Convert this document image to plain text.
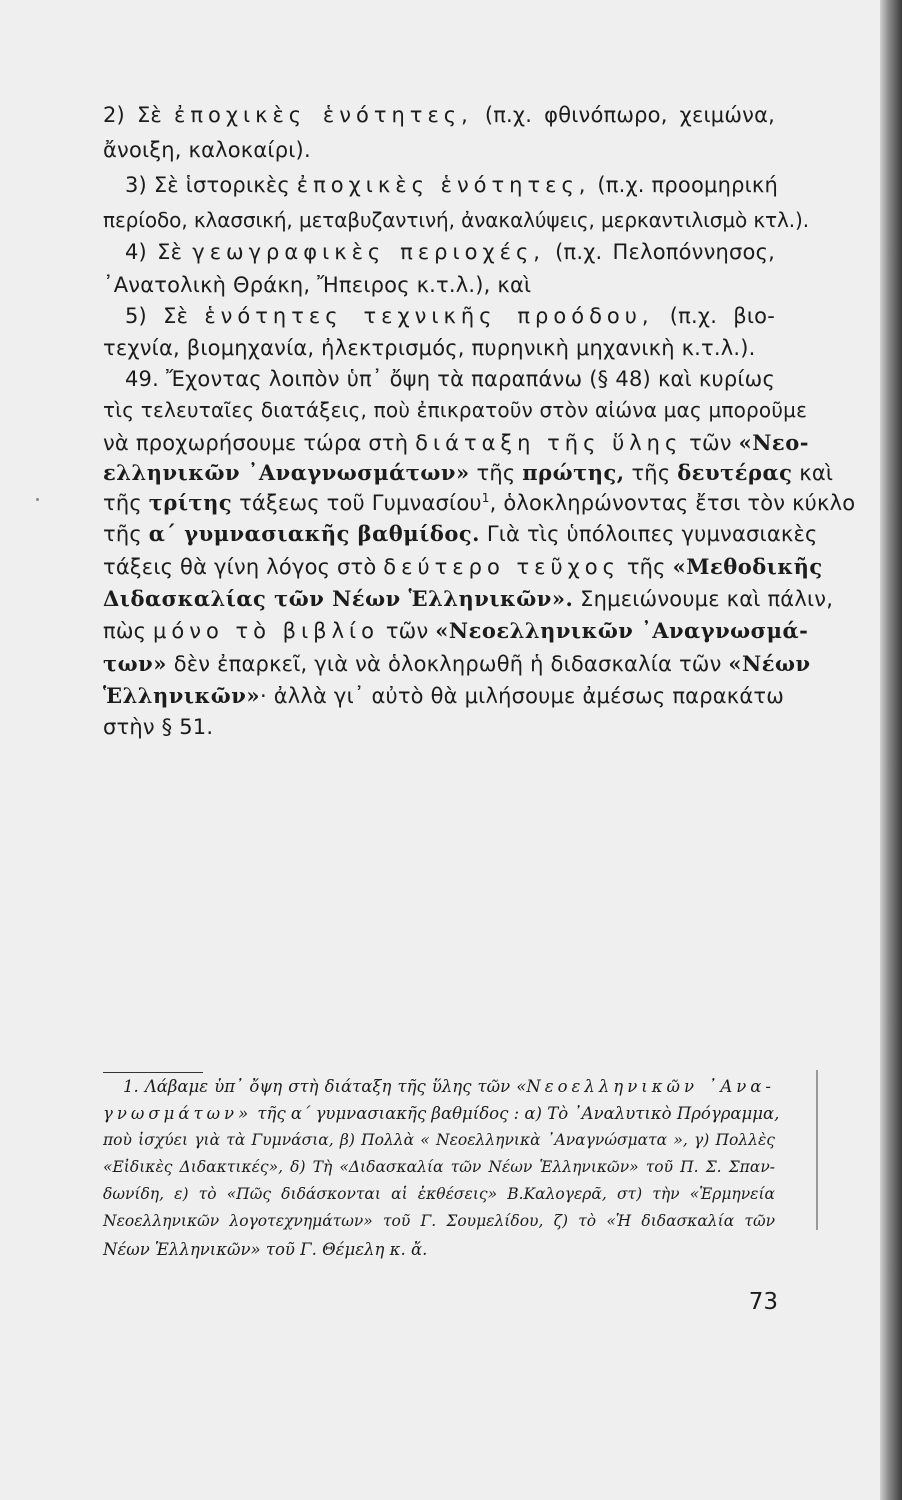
2) Σὲ ἐποχικὲς ἑνότητες, (π.χ. φθινόπωρο, χειμώνα,
ἄνοιξη, καλοκαίρι).
3) Σὲ ἱστορικὲς ἐποχικὲς ἑνότητες, (π.χ. προομηρική
περίοδο, κλασσική, μεταβυζαντινή, ἀνακαλύψεις, μερκαντιλισμὸ κτλ.).
4) Σὲ γεωγραφικὲς περιοχές, (π.χ. Πελοπόννησος,
᾿Ανατολικὴ Θράκη, Ἤπειρος κ.τ.λ.), καὶ
5) Σὲ ἑνότητες τεχνικῆς προόδου, (π.χ. βιο-
τεχνία, βιομηχανία, ἠλεκτρισμός, πυρηνικὴ μηχανικὴ κ.τ.λ.).
49. Ἔχοντας λοιπὸν ὑπ᾿ ὄψη τὰ παραπάνω (§ 48) καὶ κυρίως
τὶς τελευταῖες διατάξεις, ποὺ ἐπικρατοῦν στὸν αἰώνα μας μποροῦμε
νὰ προχωρήσουμε τώρα στὴ διάταξη τῆς ὕλης τῶν «Νεο-
ελληνικῶν ᾿Αναγνωσμάτων» τῆς πρώτης, τῆς δευτέρας καὶ
τῆς τρίτης τάξεως τοῦ Γυμνασίου$^1$, ὁλοκληρώνοντας ἔτσι τὸν κύκλο
τῆς α΄ γυμνασιακῆς βαθμίδος. Γιὰ τὶς ὑπόλοιπες γυμνασιακὲς
τάξεις θὰ γίνη λόγος στὸ δεύτερο τεῦχος τῆς «Μεθοδικῆς
Διδασκαλίας τῶν Νέων Ἑλληνικῶν». Σημειώνουμε καὶ πάλιν,
πὼς μόνο τὸ βιβλίο τῶν «Νεοελληνικῶν ᾿Αναγνωσμά-
των» δὲν ἐπαρκεῖ, γιὰ νὰ ὁλοκληρωθῆ ἡ διδασκαλία τῶν «Νέων
Ἑλληνικῶν»· ἀλλὰ γι᾿ αὐτὸ θὰ μιλήσουμε ἀμέσως παρακάτω
στὴν § 51.
1. Λάβαμε ὑπ᾿ ὄψη στὴ διάταξη τῆς ὕλης τῶν «Νεοελληνικῶν ᾿Ανα-
γνωσμάτων» τῆς α΄ γυμνασιακῆς βαθμίδος : α) Τὸ ᾿Αναλυτικὸ Πρόγραμμα,
ποὺ ἰσχύει γιὰ τὰ Γυμνάσια, β) Πολλὰ « Νεοελληνικὰ ᾿Αναγνώσματα », γ) Πολλὲς
«Εἰδικὲς Διδακτικές», δ) Τὴ «Διδασκαλία τῶν Νέων Ἑλληνικῶν» τοῦ Π. Σ. Σπαν-
δωνίδη, ε) τὸ «Πῶς διδάσκονται αἱ ἐκθέσεις» Β.Καλογερᾶ, στ) τὴν «Ἑρμηνεία
Νεοελληνικῶν λογοτεχνημάτων» τοῦ Γ. Σουμελίδου, ζ) τὸ «Ἡ διδασκαλία τῶν
Νέων Ἑλληνικῶν» τοῦ Γ. Θέμελη κ. ἄ.
73
